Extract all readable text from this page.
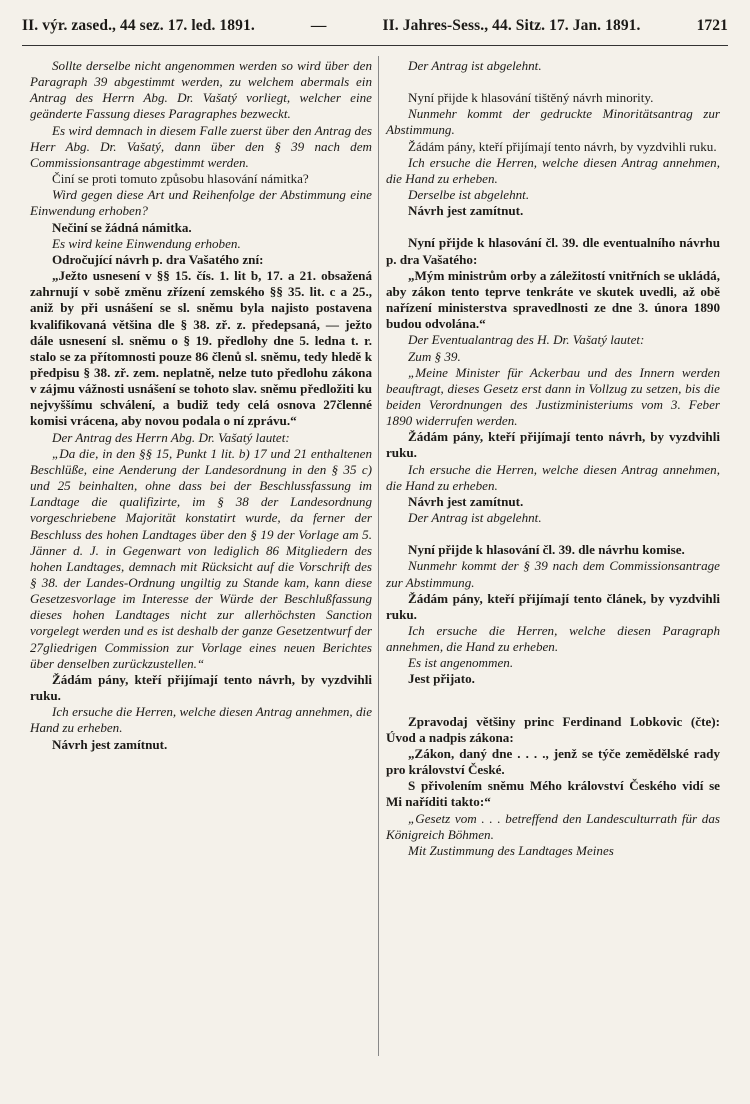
II. výr. zased., 44 sez. 17. led. 1891.	—	II. Jahres-Sess., 44. Sitz. 17. Jan. 1891.	1721

Sollte derselbe nicht angenommen werden so wird über den Paragraph 39 abgestimmt werden, zu welchem abermals ein Antrag des Herrn Abg. Dr. Vašatý vorliegt, welcher eine geänderte Fassung dieses Paragraphes bezweckt.

Es wird demnach in diesem Falle zuerst über den Antrag des Herr Abg. Dr. Vašatý, dann über den § 39 nach dem Commissionsantrage abgestimmt werden.

Činí se proti tomuto způsobu hlasování námitka?

Wird gegen diese Art und Reihenfolge der Abstimmung eine Einwendung erhoben?

Nečiní se žádná námitka.

Es wird keine Einwendung erhoben.

Odročující návrh p. dra Vašatého zní:

„Ježto usnesení v §§ 15. čís. 1. lit b, 17. a 21. obsažená zahrnují v sobě změnu zřízení zemského §§ 35. lit. c a 25., aniž by při usnášení se sl. sněmu byla najisto postavena kvalifikovaná většina dle § 38. zř. z. předepsaná, — ježto dále usnesení sl. sněmu o § 19. předlohy dne 5. ledna t. r. stalo se za přítomnosti pouze 86 členů sl. sněmu, tedy hledě k předpisu § 38. zř. zem. neplatně, nelze tuto předlohu zákona v zájmu vážnosti usnášení se tohoto slav. sněmu předložiti ku nejvyššímu schválení, a budiž tedy celá osnova 27členné komisi vrácena, aby novou podala o ní zprávu.“

Der Antrag des Herrn Abg. Dr. Vašatý lautet:

„Da die, in den §§ 15, Punkt 1 lit. b) 17 und 21 enthaltenen Beschlüße, eine Aenderung der Landesordnung in den § 35 c) und 25 beinhalten, ohne dass bei der Beschlussfassung im Landtage die qualifizirte, im § 38 der Landesordnung vorgeschriebene Majorität konstatirt wurde, da ferner der Beschluss des hohen Landtages über den § 19 der Vorlage am 5. Jänner d. J. in Gegenwart von lediglich 86 Mitgliedern des hohen Landtages, demnach mit Rücksicht auf die Vorschrift des § 38. der Landes-Ordnung ungiltig zu Stande kam, kann diese Gesetzesvorlage im Interesse der Würde der Beschlußfassung dieses hohen Landtages nicht zur allerhöchsten Sanction vorgelegt werden und es ist deshalb der ganze Gesetzentwurf der 27gliedrigen Commission zur Vorlage eines neuen Berichtes über denselben zurückzustellen.“

Žádám pány, kteří přijímají tento návrh, by vyzdvihli ruku.

Ich ersuche die Herren, welche diesen Antrag annehmen, die Hand zu erheben.

Návrh jest zamítnut.

Der Antrag ist abgelehnt.

Nyní přijde k hlasování tištěný návrh minority.

Nunmehr kommt der gedruckte Minoritätsantrag zur Abstimmung.

Žádám pány, kteří přijímají tento návrh, by vyzdvihli ruku.

Ich ersuche die Herren, welche diesen Antrag annehmen, die Hand zu erheben.

Derselbe ist abgelehnt.

Návrh jest zamítnut.

Nyní přijde k hlasování čl. 39. dle eventualního návrhu p. dra Vašatého:

„Mým ministrům orby a záležitostí vnitřních se ukládá, aby zákon tento teprve tenkráte ve skutek uvedli, až obě nařízení ministerstva spravedlnosti ze dne 3. února 1890 budou odvolána.“

Der Eventualantrag des H. Dr. Vašatý lautet:

Zum § 39.

„Meine Minister für Ackerbau und des Innern werden beauftragt, dieses Gesetz erst dann in Vollzug zu setzen, bis die beiden Verordnungen des Justizministeriums vom 3. Feber 1890 widerrufen werden.

Žádám pány, kteří přijímají tento návrh, by vyzdvihli ruku.

Ich ersuche die Herren, welche diesen Antrag annehmen, die Hand zu erheben.

Návrh jest zamítnut.

Der Antrag ist abgelehnt.

Nyní přijde k hlasování čl. 39. dle návrhu komise.

Nunmehr kommt der § 39 nach dem Commissionsantrage zur Abstimmung.

Žádám pány, kteří přijímají tento článek, by vyzdvihli ruku.

Ich ersuche die Herren, welche diesen Paragraph annehmen, die Hand zu erheben.

Es ist angenommen.

Jest přijato.

Zpravodaj většiny princ Ferdinand Lobkovic (čte): Úvod a nadpis zákona:

„Zákon, daný dne . . . ., jenž se týče zemědělské rady pro království České.

S přivolením sněmu Mého království Českého vidí se Mi naříditi takto:“

„Gesetz vom . . . betreffend den Landesculturrath für das Königreich Böhmen.

Mit Zustimmung des Landtages Meines
